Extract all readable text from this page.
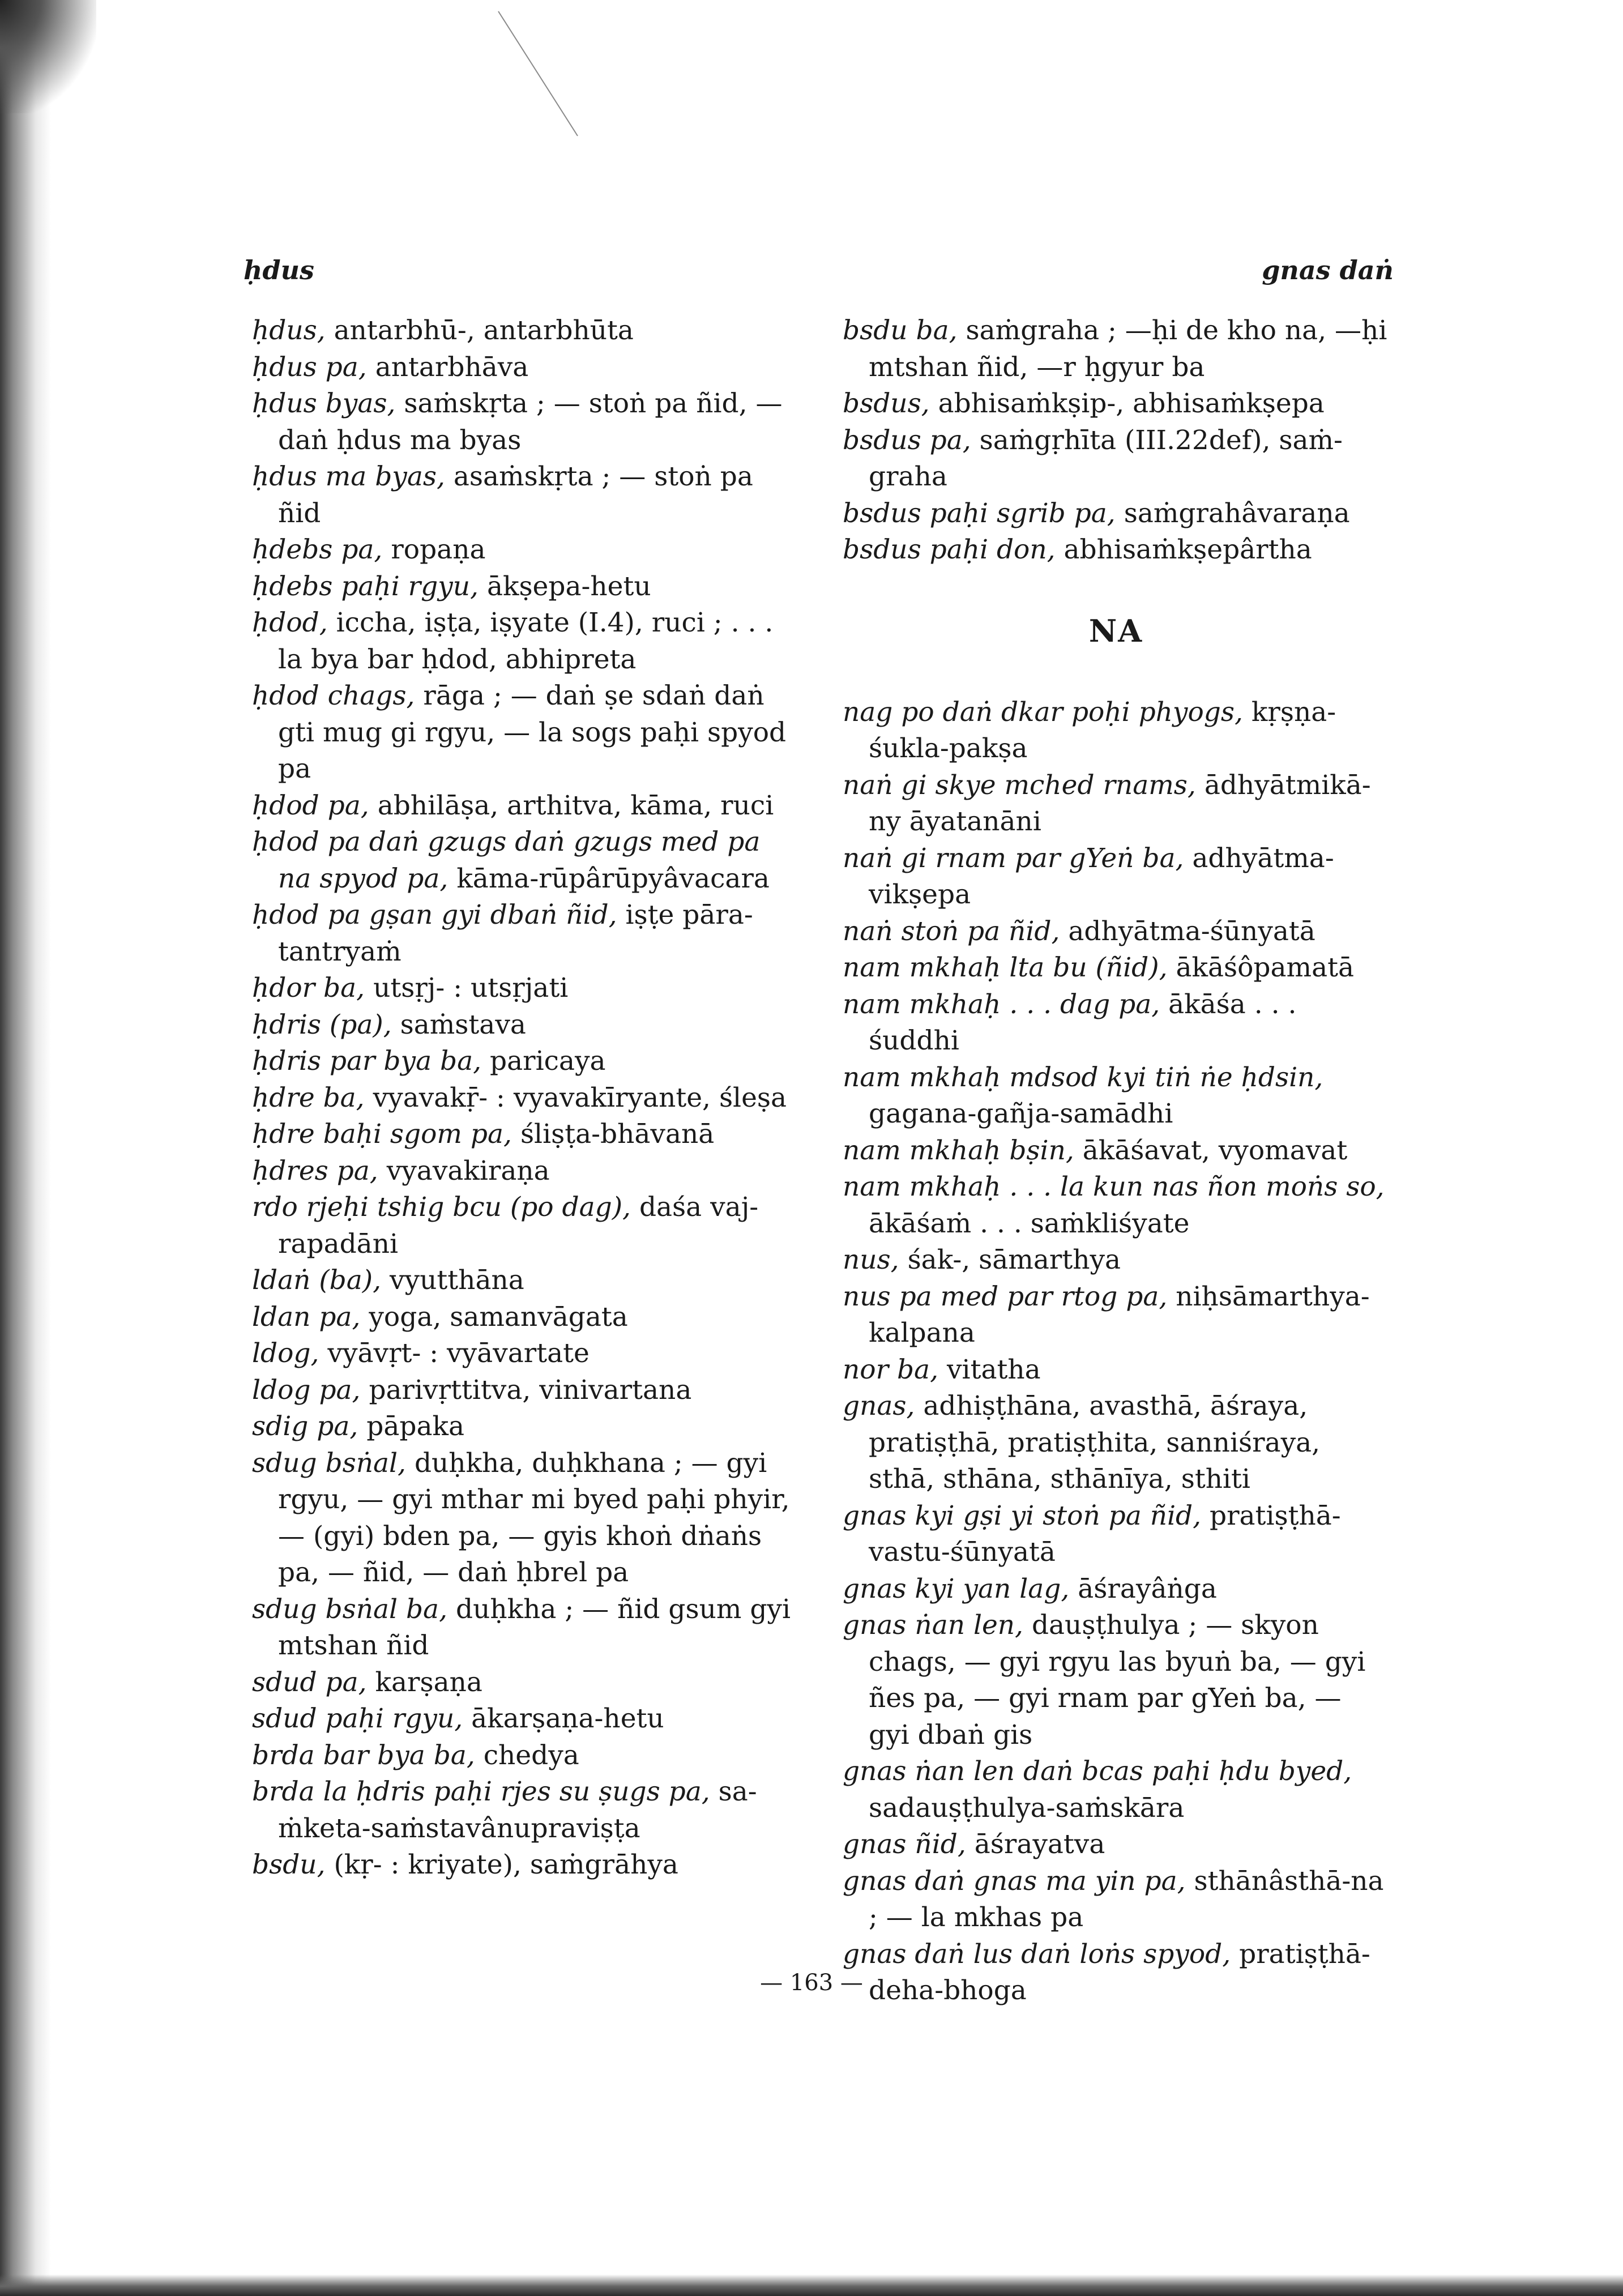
ḥdus	gnas daṅ

ḥdus, antarbhū-, antarbhūta

ḥdus pa, antarbhāva

ḥdus byas, saṁskṛta ; — stoṅ pa ñid, — daṅ ḥdus ma byas

ḥdus ma byas, asaṁskṛta ; — stoṅ pa ñid

ḥdebs pa, ropaṇa

ḥdebs paḥi rgyu, ākṣepa-hetu

ḥdod, iccha, iṣṭa, iṣyate (I.4), ruci ; . . . la bya bar ḥdod, abhipreta

ḥdod chags, rāga ; — daṅ ṣe sdaṅ daṅ gti mug gi rgyu, — la sogs paḥi spyod pa

ḥdod pa, abhilāṣa, arthitva, kāma, ruci

ḥdod pa daṅ gzugs daṅ gzugs med pa na spyod pa, kāma-rūpârūpyâvacara

ḥdod pa gṣan gyi dbaṅ ñid, iṣṭe pāra-tantryaṁ

ḥdor ba, utsṛj- : utsṛjati

ḥdris (pa), saṁstava

ḥdris par bya ba, paricaya

ḥdre ba, vyavakṝ- : vyavakīryante, śleṣa

ḥdre baḥi sgom pa, śliṣṭa-bhāvanā

ḥdres pa, vyavakiraṇa

rdo rjeḥi tshig bcu (po dag), daśa vaj-rapadāni

ldaṅ (ba), vyutthāna

ldan pa, yoga, samanvāgata

ldog, vyāvṛt- : vyāvartate

ldog pa, parivṛttitva, vinivartana

sdig pa, pāpaka

sdug bsṅal, duḥkha, duḥkhana ; — gyi rgyu, — gyi mthar mi byed paḥi phyir, — (gyi) bden pa, — gyis khoṅ dṅaṅs pa, — ñid, — daṅ ḥbrel pa

sdug bsṅal ba, duḥkha ; — ñid gsum gyi mtshan ñid

sdud pa, karṣaṇa

sdud paḥi rgyu, ākarṣaṇa-hetu

brda bar bya ba, chedya

brda la ḥdris paḥi rjes su ṣugs pa, sa-ṁketa-saṁstavânupraviṣṭa

bsdu, (kṛ- : kriyate), saṁgrāhya

bsdu ba, saṁgraha ; —ḥi de kho na, —ḥi mtshan ñid, —r ḥgyur ba

bsdus, abhisaṁkṣip-, abhisaṁkṣepa

bsdus pa, saṁgṛhīta (III.22def), saṁ-graha

bsdus paḥi sgrib pa, saṁgrahâvaraṇa

bsdus paḥi don, abhisaṁkṣepârtha

NA

nag po daṅ dkar poḥi phyogs, kṛṣṇa-śukla-pakṣa

naṅ gi skye mched rnams, ādhyātmikā-ny āyatanāni

naṅ gi rnam par gYeṅ ba, adhyātma-vikṣepa

naṅ stoṅ pa ñid, adhyātma-śūnyatā

nam mkhaḥ lta bu (ñid), ākāśôpamatā

nam mkhaḥ . . . dag pa, ākāśa . . . śuddhi

nam mkhaḥ mdsod kyi tiṅ ṅe ḥdsin, gagana-gañja-samādhi

nam mkhaḥ bṣin, ākāśavat, vyomavat

nam mkhaḥ . . . la kun nas ñon moṅs so, ākāśaṁ . . . saṁkliśyate

nus, śak-, sāmarthya

nus pa med par rtog pa, niḥsāmarthya-kalpana

nor ba, vitatha

gnas, adhiṣṭhāna, avasthā, āśraya, pratiṣṭhā, pratiṣṭhita, sanniśraya, sthā, sthāna, sthānīya, sthiti

gnas kyi gṣi yi stoṅ pa ñid, pratiṣṭhā-vastu-śūnyatā

gnas kyi yan lag, āśrayâṅga

gnas ṅan len, dauṣṭhulya ; — skyon chags, — gyi rgyu las byuṅ ba, — gyi ñes pa, — gyi rnam par gYeṅ ba, — gyi dbaṅ gis

gnas ṅan len daṅ bcas paḥi ḥdu byed, sadauṣṭhulya-saṁskāra

gnas ñid, āśrayatva

gnas daṅ gnas ma yin pa, sthānâsthā-na ; — la mkhas pa

gnas daṅ lus daṅ loṅs spyod, pratiṣṭhā-deha-bhoga

— 163 —
